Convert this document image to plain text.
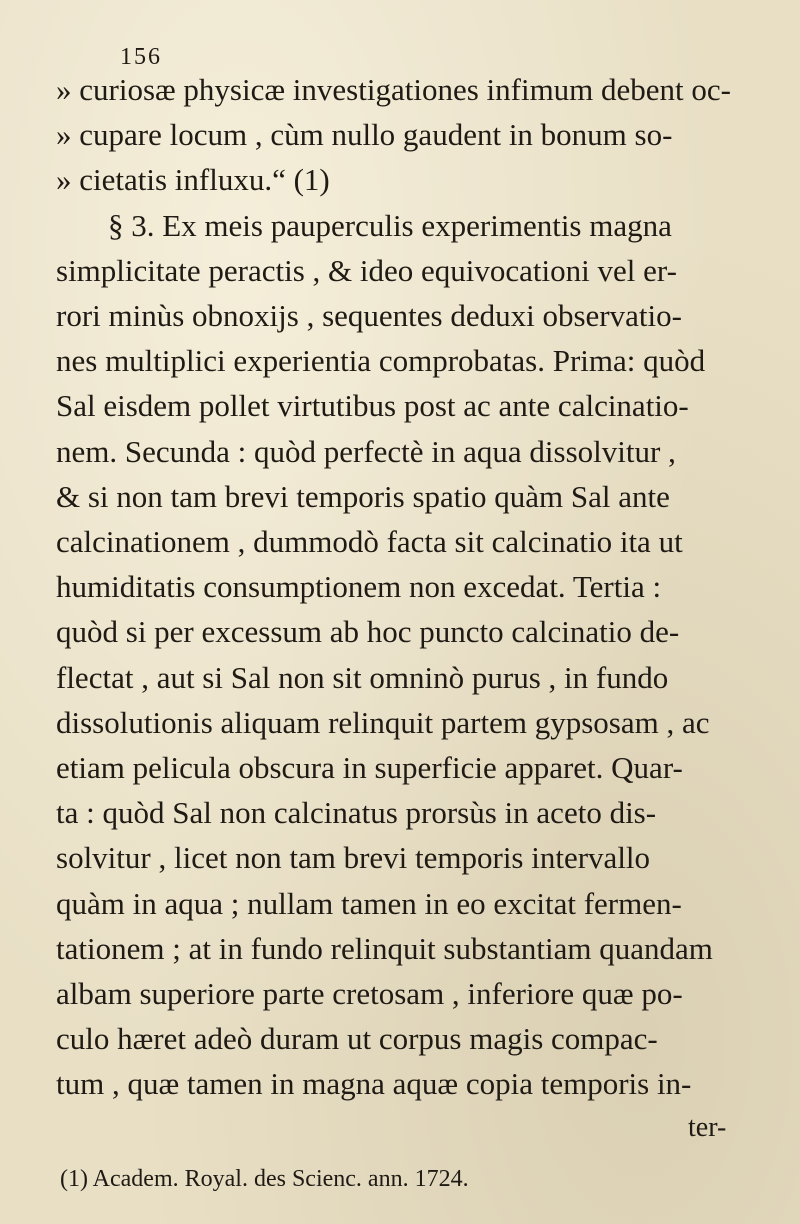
156
» curiosæ physicæ investigationes infimum debent oc-
» cupare locum , cùm nullo gaudent in bonum so-
» cietatis influxu.“ (1)
§ 3. Ex meis pauperculis experimentis magna
simplicitate peractis , & ideo equivocationi vel er-
rori minùs obnoxijs , sequentes deduxi observatio-
nes multiplici experientia comprobatas. Prima: quòd
Sal eisdem pollet virtutibus post ac ante calcinatio-
nem. Secunda : quòd perfectè in aqua dissolvitur ,
& si non tam brevi temporis spatio quàm Sal ante
calcinationem , dummodò facta sit calcinatio ita ut
humiditatis consumptionem non excedat. Tertia :
quòd si per excessum ab hoc puncto calcinatio de-
flectat , aut si Sal non sit omninò purus , in fundo
dissolutionis aliquam relinquit partem gypsosam , ac
etiam pelicula obscura in superficie apparet. Quar-
ta : quòd Sal non calcinatus prorsùs in aceto dis-
solvitur , licet non tam brevi temporis intervallo
quàm in aqua ; nullam tamen in eo excitat fermen-
tationem ; at in fundo relinquit substantiam quandam
albam superiore parte cretosam , inferiore quæ po-
culo hæret adeò duram ut corpus magis compac-
tum , quæ tamen in magna aquæ copia temporis in-
ter-
(1) Academ. Royal. des Scienc. ann. 1724.
